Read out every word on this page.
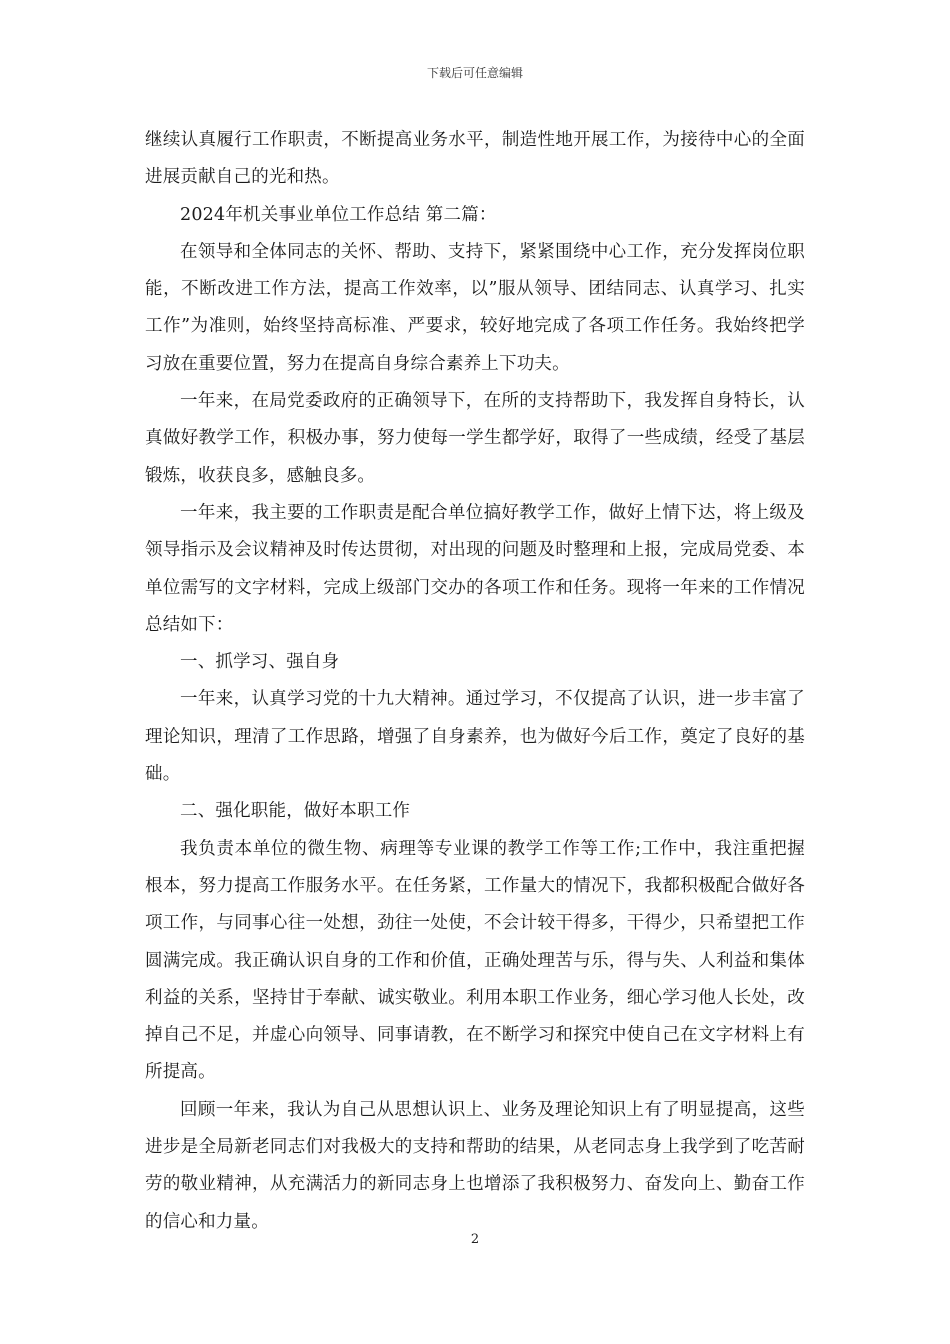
下载后可任意编辑

继续认真履行工作职责，不断提高业务水平，制造性地开展工作，为接待中心的全面进展贡献自己的光和热。

2024年机关事业单位工作总结 第二篇：

在领导和全体同志的关怀、帮助、支持下，紧紧围绕中心工作，充分发挥岗位职能，不断改进工作方法，提高工作效率，以”服从领导、团结同志、认真学习、扎实工作”为准则，始终坚持高标准、严要求，较好地完成了各项工作任务。我始终把学习放在重要位置，努力在提高自身综合素养上下功夫。

一年来，在局党委政府的正确领导下，在所的支持帮助下，我发挥自身特长，认真做好教学工作，积极办事，努力使每一学生都学好，取得了一些成绩，经受了基层锻炼，收获良多，感触良多。

一年来，我主要的工作职责是配合单位搞好教学工作，做好上情下达，将上级及领导指示及会议精神及时传达贯彻，对出现的问题及时整理和上报，完成局党委、本单位需写的文字材料，完成上级部门交办的各项工作和任务。现将一年来的工作情况总结如下：

一、抓学习、强自身

一年来，认真学习党的十九大精神。通过学习，不仅提高了认识，进一步丰富了理论知识，理清了工作思路，增强了自身素养，也为做好今后工作，奠定了良好的基础。

二、强化职能，做好本职工作

我负责本单位的微生物、病理等专业课的教学工作等工作;工作中，我注重把握根本，努力提高工作服务水平。在任务紧，工作量大的情况下，我都积极配合做好各项工作，与同事心往一处想，劲往一处使，不会计较干得多，干得少，只希望把工作圆满完成。我正确认识自身的工作和价值，正确处理苦与乐，得与失、人利益和集体利益的关系，坚持甘于奉献、诚实敬业。利用本职工作业务，细心学习他人长处，改掉自己不足，并虚心向领导、同事请教，在不断学习和探究中使自己在文字材料上有所提高。

回顾一年来，我认为自己从思想认识上、业务及理论知识上有了明显提高，这些进步是全局新老同志们对我极大的支持和帮助的结果，从老同志身上我学到了吃苦耐劳的敬业精神，从充满活力的新同志身上也增添了我积极努力、奋发向上、勤奋工作的信心和力量。

2
